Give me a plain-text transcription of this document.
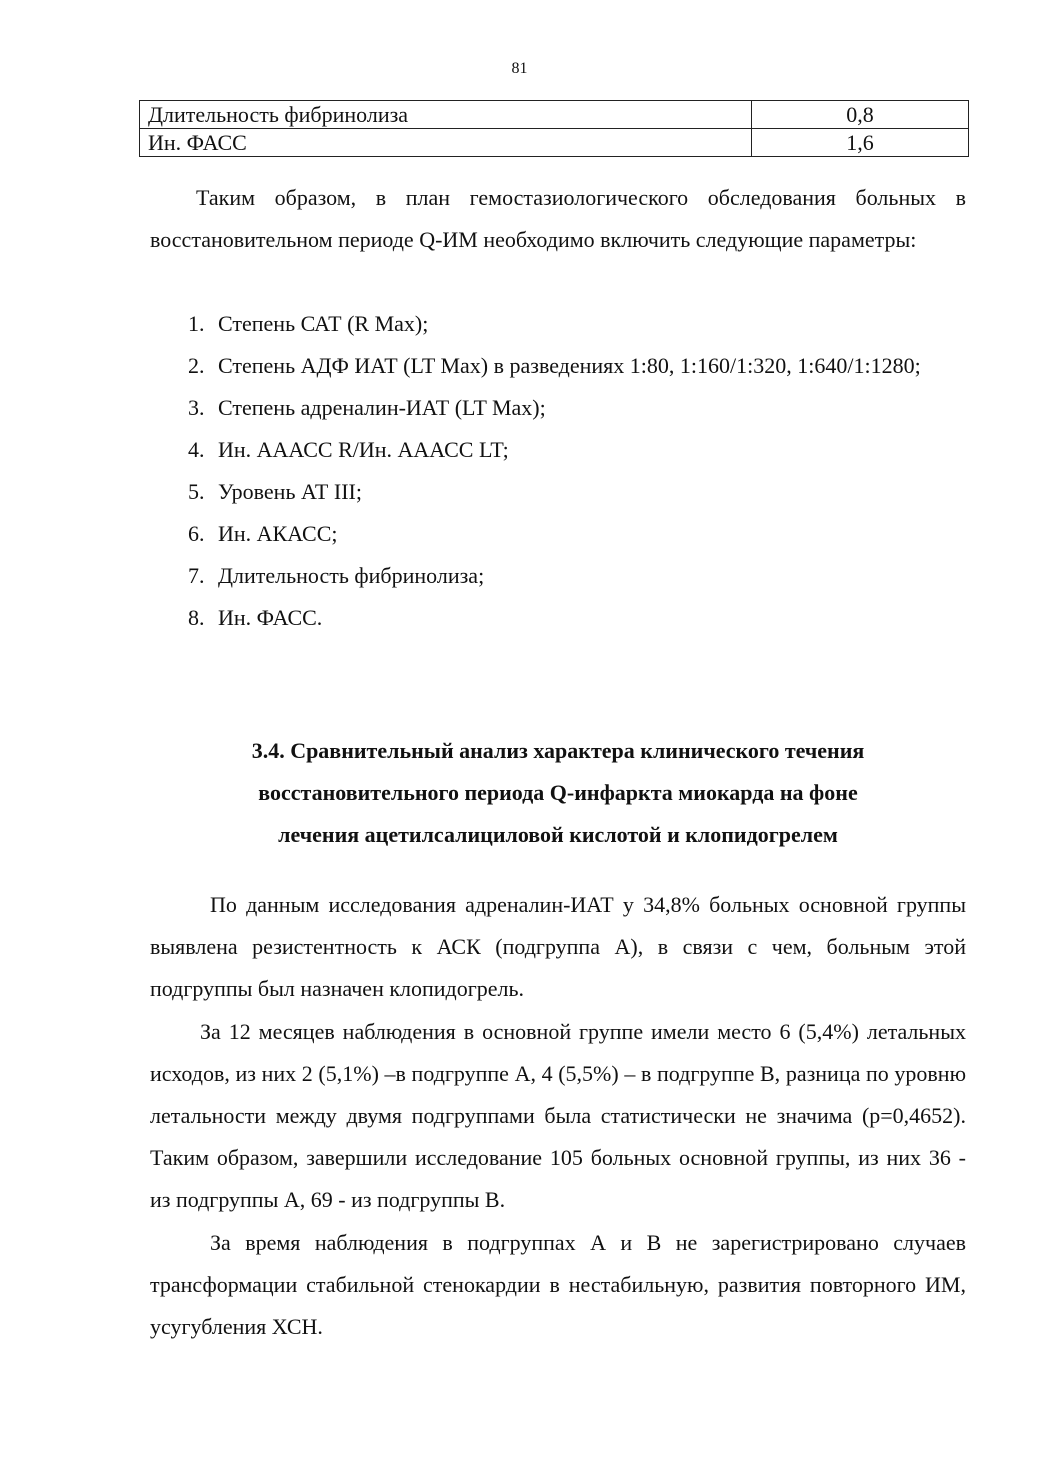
81
Длительность фибринолиза	0,8
Ин. ФАСС	1,6

Таким образом, в план гемостазиологического обследования больных в восстановительном периоде Q-ИМ необходимо включить следующие параметры:

1. Степень САТ (R Max);
2. Степень АДФ ИАТ (LT Max) в разведениях 1:80, 1:160/1:320, 1:640/1:1280;
3. Степень адреналин-ИАТ (LT Max);
4. Ин. АААСС R/Ин. АААСС LT;
5. Уровень АТ III;
6. Ин. АКАСС;
7. Длительность фибринолиза;
8. Ин. ФАСС.
3.4. Сравнительный анализ характера клинического течения
восстановительного периода Q-инфаркта миокарда на фоне
лечения ацетилсалициловой кислотой и клопидогрелем

По данным исследования адреналин-ИАТ у 34,8% больных основной группы выявлена резистентность к АСК (подгруппа А), в связи с чем, больным этой подгруппы был назначен клопидогрель.

За 12 месяцев наблюдения в основной группе имели место 6 (5,4%) летальных исходов, из них 2 (5,1%) –в подгруппе А, 4 (5,5%) – в подгруппе В, разница по уровню летальности между двумя подгруппами была статистически не значима (р=0,4652). Таким образом, завершили исследование 105 больных основной группы, из них 36 - из подгруппы А, 69 - из подгруппы В.

За время наблюдения в подгруппах А и В не зарегистрировано случаев трансформации стабильной стенокардии в нестабильную, развития повторного ИМ, усугубления ХСН.
